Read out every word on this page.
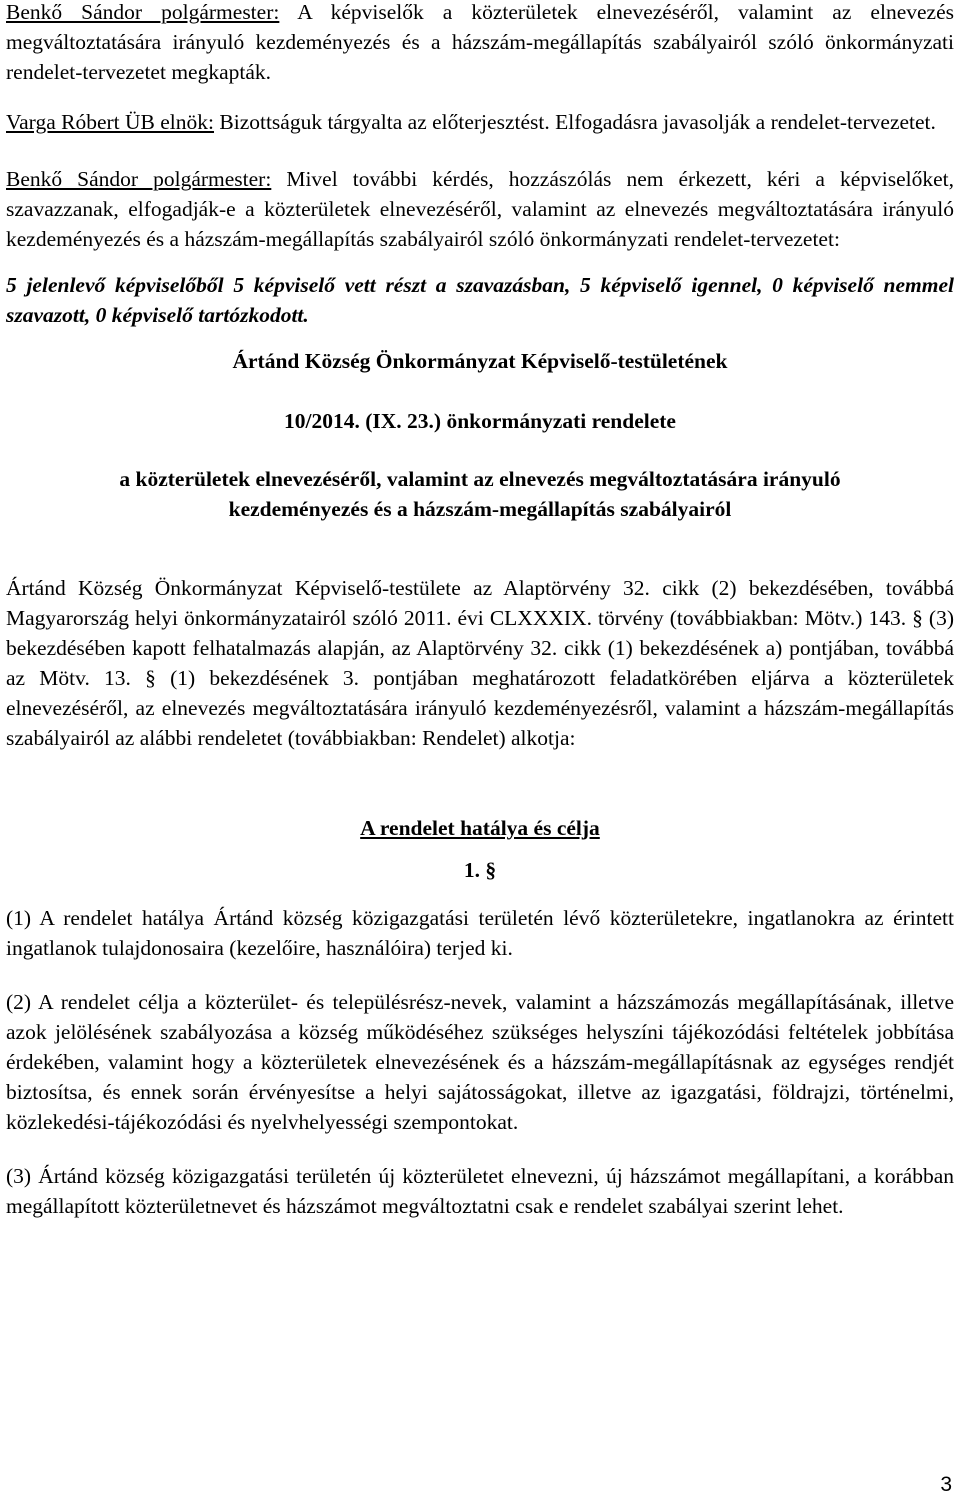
Benkő Sándor polgármester: A képviselők a közterületek elnevezéséről, valamint az elnevezés megváltoztatására irányuló kezdeményezés és a házszám-megállapítás szabályairól szóló önkormányzati rendelet-tervezetet megkapták.

Varga Róbert ÜB elnök: Bizottságuk tárgyalta az előterjesztést. Elfogadásra javasolják a rendelet-tervezetet.

Benkő Sándor polgármester: Mivel további kérdés, hozzászólás nem érkezett, kéri a képviselőket, szavazzanak, elfogadják-e a közterületek elnevezéséről, valamint az elnevezés megváltoztatására irányuló kezdeményezés és a házszám-megállapítás szabályairól szóló önkormányzati rendelet-tervezetet:

5 jelenlevő képviselőből 5 képviselő vett részt a szavazásban, 5 képviselő igennel, 0 képviselő nemmel szavazott, 0 képviselő tartózkodott.

Ártánd Község Önkormányzat Képviselő-testületének

10/2014. (IX. 23.) önkormányzati rendelete

a közterületek elnevezéséről, valamint az elnevezés megváltoztatására irányuló

kezdeményezés és a házszám-megállapítás szabályairól

Ártánd Község Önkormányzat Képviselő-testülete az Alaptörvény 32. cikk (2) bekezdésében, továbbá Magyarország helyi önkormányzatairól szóló 2011. évi CLXXXIX. törvény (továbbiakban: Mötv.) 143. § (3) bekezdésében kapott felhatalmazás alapján, az Alaptörvény 32. cikk (1) bekezdésének a) pontjában, továbbá az Mötv. 13. § (1) bekezdésének 3. pontjában meghatározott feladatkörében eljárva a közterületek elnevezéséről, az elnevezés megváltoztatására irányuló kezdeményezésről, valamint a házszám-megállapítás szabályairól az alábbi rendeletet (továbbiakban: Rendelet) alkotja:

A rendelet hatálya és célja

1. §

(1) A rendelet hatálya Ártánd község közigazgatási területén lévő közterületekre, ingatlanokra az érintett ingatlanok tulajdonosaira (kezelőire, használóira) terjed ki.

(2) A rendelet célja a közterület- és településrész-nevek, valamint a házszámozás megállapításának, illetve azok jelölésének szabályozása a község működéséhez szükséges helyszíni tájékozódási feltételek jobbítása érdekében, valamint hogy a közterületek elnevezésének és a házszám-megállapításnak az egységes rendjét biztosítsa, és ennek során érvényesítse a helyi sajátosságokat, illetve az igazgatási, földrajzi, történelmi, közlekedési-tájékozódási és nyelvhelyességi szempontokat.

(3) Ártánd község közigazgatási területén új közterületet elnevezni, új házszámot megállapítani, a korábban megállapított közterületnevet és házszámot megváltoztatni csak e rendelet szabályai szerint lehet.

3
